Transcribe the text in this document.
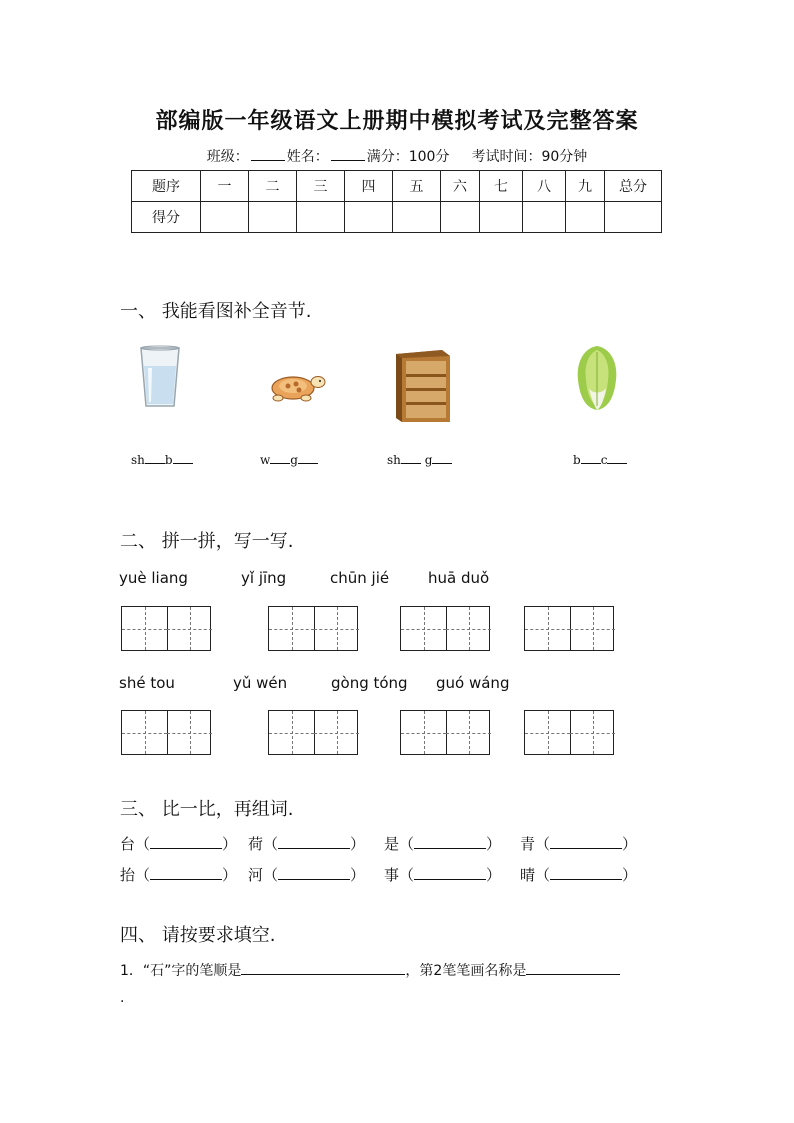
部编版一年级语文上册期中模拟考试及完整答案
班级：	姓名：	满分：100分 考试时间：90分钟
题序	一	二	三	四	五	六	七	八	九	总分
得分										
一、 我能看图补全音节.
sh b	w g	sh g	b c
二、 拼一拼，写一写.
yuè liang	yǐ jīng	chūn jié	huā duǒ
shé tou	yǔ wén	gòng tóng guó wáng
三、 比一比，再组词.
台（	） 荷（	） 是（	） 青（	）
抬（	） 河（	） 事（	） 晴（	）
四、 请按要求填空.
1．“石”字的笔顺是	，第2笔笔画名称是
.
